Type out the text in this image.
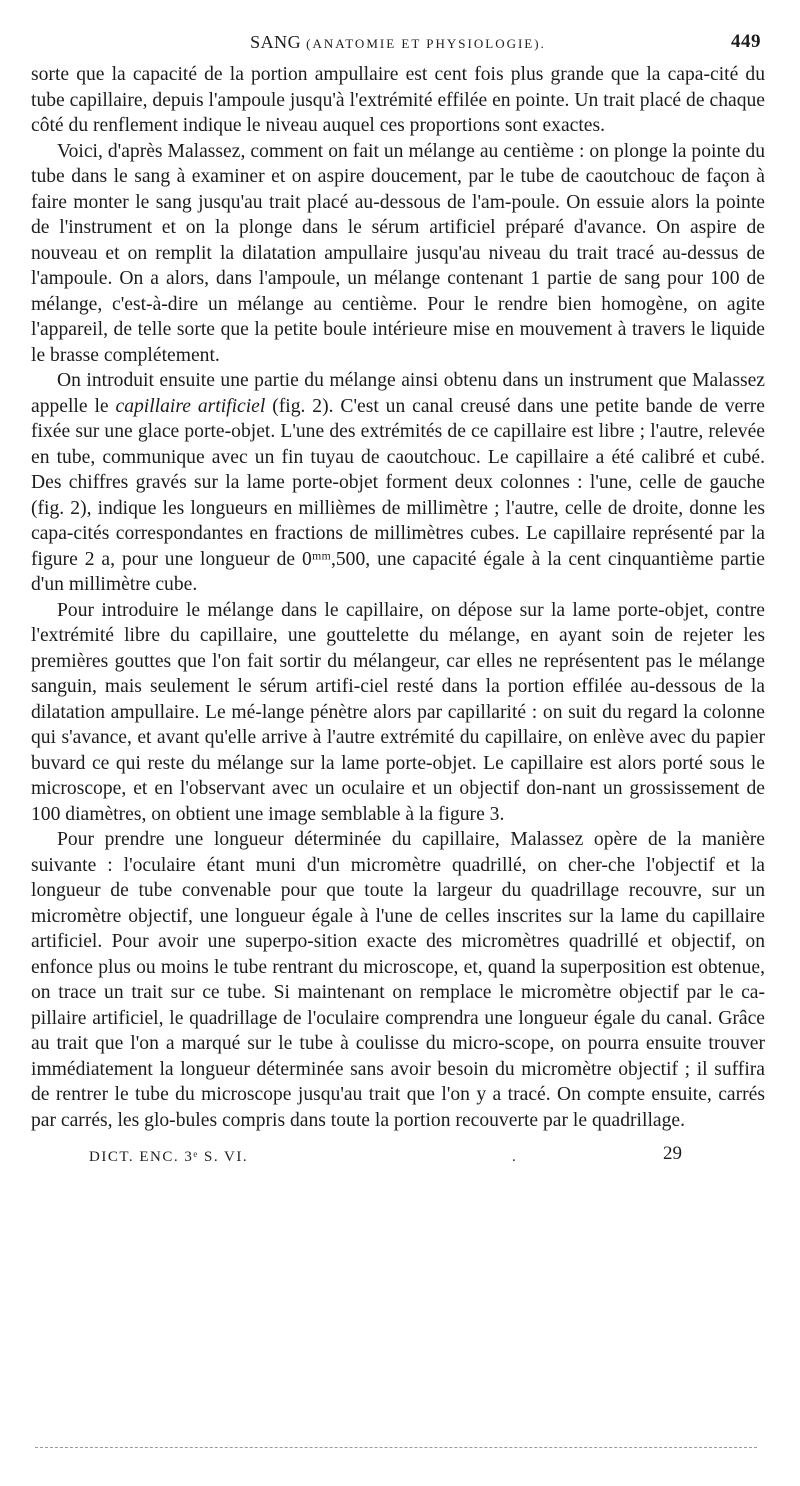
SANG (ANATOMIE ET PHYSIOLOGIE).	449

sorte que la capacité de la portion ampullaire est cent fois plus grande que la capa-cité du tube capillaire, depuis l'ampoule jusqu'à l'extrémité effilée en pointe. Un trait placé de chaque côté du renflement indique le niveau auquel ces proportions sont exactes.

Voici, d'après Malassez, comment on fait un mélange au centième : on plonge la pointe du tube dans le sang à examiner et on aspire doucement, par le tube de caoutchouc de façon à faire monter le sang jusqu'au trait placé au-dessous de l'am-poule. On essuie alors la pointe de l'instrument et on la plonge dans le sérum artificiel préparé d'avance. On aspire de nouveau et on remplit la dilatation ampullaire jusqu'au niveau du trait tracé au-dessus de l'ampoule. On a alors, dans l'ampoule, un mélange contenant 1 partie de sang pour 100 de mélange, c'est-à-dire un mélange au centième. Pour le rendre bien homogène, on agite l'appareil, de telle sorte que la petite boule intérieure mise en mouvement à travers le liquide le brasse complétement.

On introduit ensuite une partie du mélange ainsi obtenu dans un instrument que Malassez appelle le capillaire artificiel (fig. 2). C'est un canal creusé dans une petite bande de verre fixée sur une glace porte-objet. L'une des extrémités de ce capillaire est libre ; l'autre, relevée en tube, communique avec un fin tuyau de caoutchouc. Le capillaire a été calibré et cubé. Des chiffres gravés sur la lame porte-objet forment deux colonnes : l'une, celle de gauche (fig. 2), indique les longueurs en millièmes de millimètre ; l'autre, celle de droite, donne les capa-cités correspondantes en fractions de millimètres cubes. Le capillaire représenté par la figure 2 a, pour une longueur de 0ᵐᵐ,500, une capacité égale à la cent cinquantième partie d'un millimètre cube.

Pour introduire le mélange dans le capillaire, on dépose sur la lame porte-objet, contre l'extrémité libre du capillaire, une gouttelette du mélange, en ayant soin de rejeter les premières gouttes que l'on fait sortir du mélangeur, car elles ne représentent pas le mélange sanguin, mais seulement le sérum artifi-ciel resté dans la portion effilée au-dessous de la dilatation ampullaire. Le mé-lange pénètre alors par capillarité : on suit du regard la colonne qui s'avance, et avant qu'elle arrive à l'autre extrémité du capillaire, on enlève avec du papier buvard ce qui reste du mélange sur la lame porte-objet. Le capillaire est alors porté sous le microscope, et en l'observant avec un oculaire et un objectif don-nant un grossissement de 100 diamètres, on obtient une image semblable à la figure 3.

Pour prendre une longueur déterminée du capillaire, Malassez opère de la manière suivante : l'oculaire étant muni d'un micromètre quadrillé, on cher-che l'objectif et la longueur de tube convenable pour que toute la largeur du quadrillage recouvre, sur un micromètre objectif, une longueur égale à l'une de celles inscrites sur la lame du capillaire artificiel. Pour avoir une superpo-sition exacte des micromètres quadrillé et objectif, on enfonce plus ou moins le tube rentrant du microscope, et, quand la superposition est obtenue, on trace un trait sur ce tube. Si maintenant on remplace le micromètre objectif par le ca-pillaire artificiel, le quadrillage de l'oculaire comprendra une longueur égale du canal. Grâce au trait que l'on a marqué sur le tube à coulisse du micro-scope, on pourra ensuite trouver immédiatement la longueur déterminée sans avoir besoin du micromètre objectif ; il suffira de rentrer le tube du microscope jusqu'au trait que l'on y a tracé. On compte ensuite, carrés par carrés, les glo-bules compris dans toute la portion recouverte par le quadrillage.

DICT. ENC. 3ᵉ S. VI.	.	29
